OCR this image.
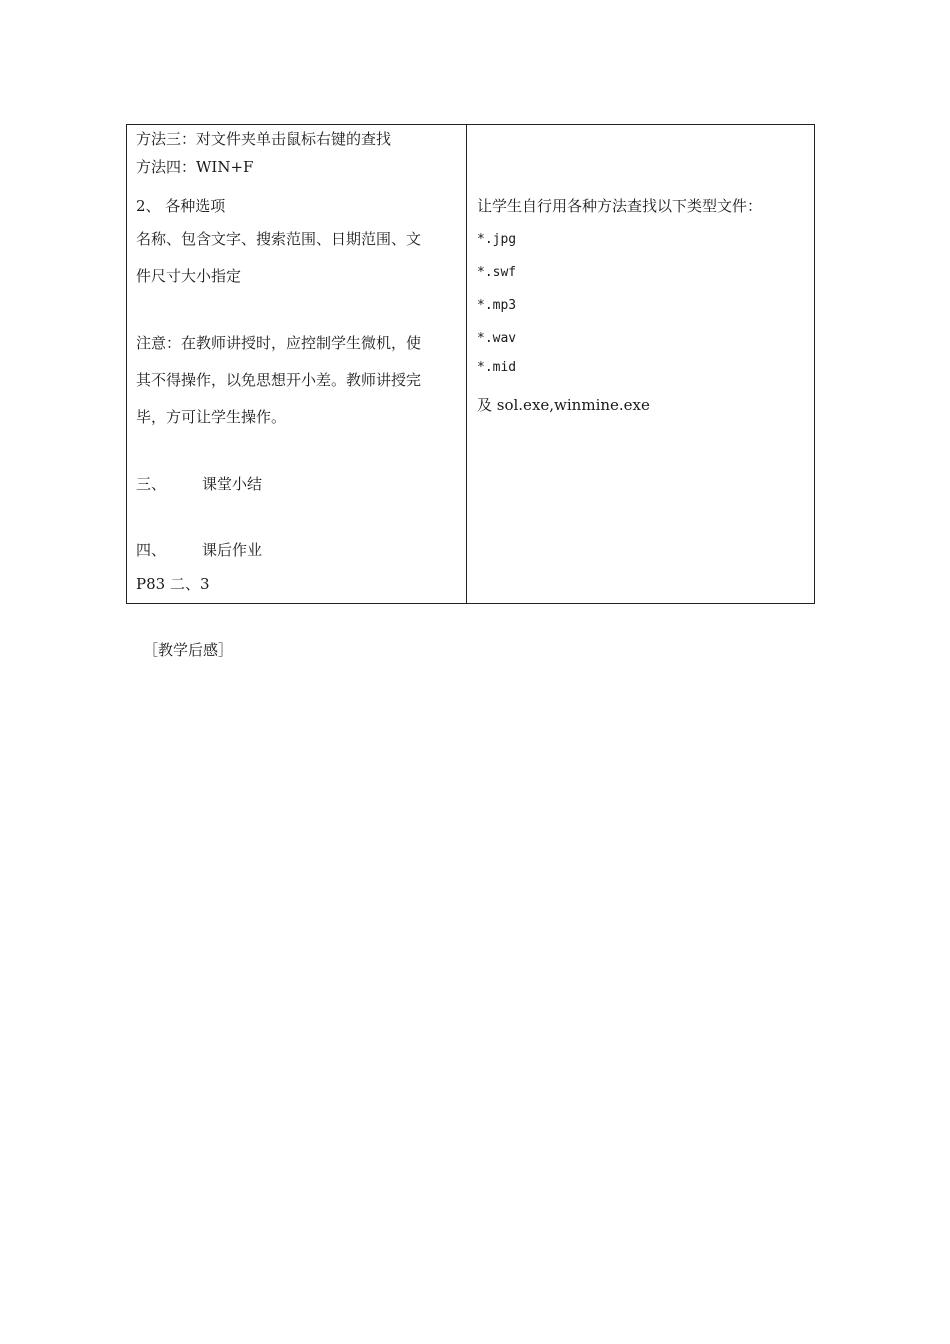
方法三：对文件夹单击鼠标右键的查找
方法四：WIN+F
2、 各种选项
名称、包含文字、搜索范围、日期范围、文
件尺寸大小指定
注意：在教师讲授时，应控制学生微机，使
其不得操作，以免思想开小差。教师讲授完
毕，方可让学生操作。
三、 课堂小结
四、 课后作业
P83 二、3
让学生自行用各种方法查找以下类型文件：
*.jpg
*.swf
*.mp3
*.wav
*.mid
及 sol.exe,winmine.exe
［教学后感］
